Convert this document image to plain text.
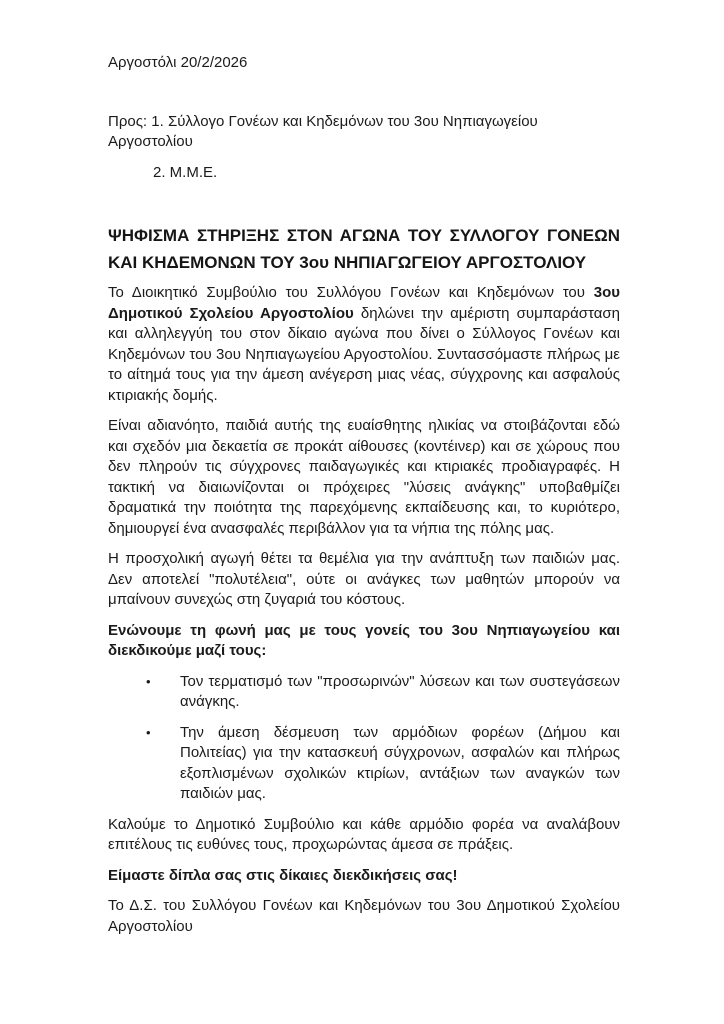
Αργοστόλι 20/2/2026

Προς: 1. Σύλλογο Γονέων και Κηδεμόνων του 3ου Νηπιαγωγείου Αργοστολίου

2. Μ.Μ.Ε.

ΨΗΦΙΣΜΑ ΣΤΗΡΙΞΗΣ ΣΤΟΝ ΑΓΩΝΑ ΤΟΥ ΣΥΛΛΟΓΟΥ ΓΟΝΕΩΝ ΚΑΙ ΚΗΔΕΜΟΝΩΝ ΤΟΥ 3ου ΝΗΠΙΑΓΩΓΕΙΟΥ ΑΡΓΟΣΤΟΛΙΟΥ

Το Διοικητικό Συμβούλιο του Συλλόγου Γονέων και Κηδεμόνων του 3ου Δημοτικού Σχολείου Αργοστολίου δηλώνει την αμέριστη συμπαράσταση και αλληλεγγύη του στον δίκαιο αγώνα που δίνει ο Σύλλογος Γονέων και Κηδεμόνων του 3ου Νηπιαγωγείου Αργοστολίου. Συντασσόμαστε πλήρως με το αίτημά τους για την άμεση ανέγερση μιας νέας, σύγχρονης και ασφαλούς κτιριακής δομής.

Είναι αδιανόητο, παιδιά αυτής της ευαίσθητης ηλικίας να στοιβάζονται εδώ και σχεδόν μια δεκαετία σε προκάτ αίθουσες (κοντέινερ) και σε χώρους που δεν πληρούν τις σύγχρονες παιδαγωγικές και κτιριακές προδιαγραφές. Η τακτική να διαιωνίζονται οι πρόχειρες "λύσεις ανάγκης" υποβαθμίζει δραματικά την ποιότητα της παρεχόμενης εκπαίδευσης και, το κυριότερο, δημιουργεί ένα ανασφαλές περιβάλλον για τα νήπια της πόλης μας.

Η προσχολική αγωγή θέτει τα θεμέλια για την ανάπτυξη των παιδιών μας. Δεν αποτελεί "πολυτέλεια", ούτε οι ανάγκες των μαθητών μπορούν να μπαίνουν συνεχώς στη ζυγαριά του κόστους.

Ενώνουμε τη φωνή μας με τους γονείς του 3ου Νηπιαγωγείου και διεκδικούμε μαζί τους:

• Τον τερματισμό των "προσωρινών" λύσεων και των συστεγάσεων ανάγκης.
• Την άμεση δέσμευση των αρμόδιων φορέων (Δήμου και Πολιτείας) για την κατασκευή σύγχρονων, ασφαλών και πλήρως εξοπλισμένων σχολικών κτιρίων, αντάξιων των αναγκών των παιδιών μας.

Καλούμε το Δημοτικό Συμβούλιο και κάθε αρμόδιο φορέα να αναλάβουν επιτέλους τις ευθύνες τους, προχωρώντας άμεσα σε πράξεις.

Είμαστε δίπλα σας στις δίκαιες διεκδικήσεις σας!

Το Δ.Σ. του Συλλόγου Γονέων και Κηδεμόνων του 3ου Δημοτικού Σχολείου Αργοστολίου
